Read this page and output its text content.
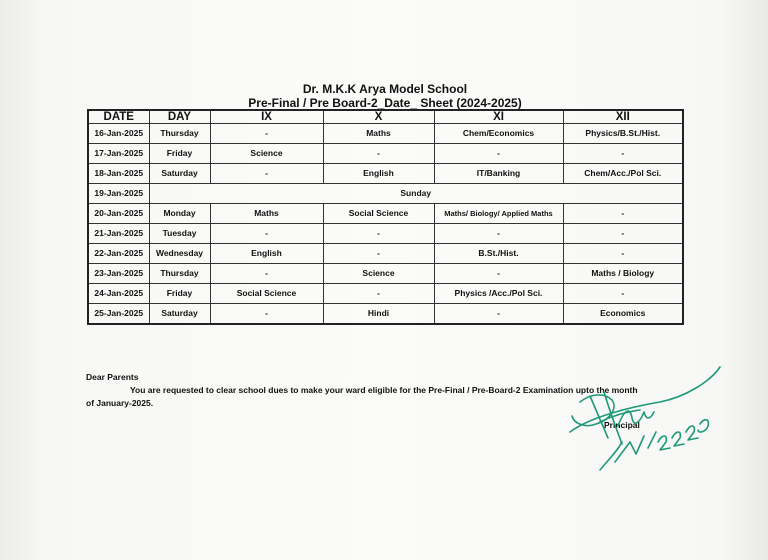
Dr. M.K.K Arya Model School
Pre-Final / Pre Board-2_Date_ Sheet (2024-2025)
DATE	DAY	IX	X	XI	XII
16-Jan-2025	Thursday	-	Maths	Chem/Economics	Physics/B.St./Hist.
17-Jan-2025	Friday	Science	-	-	-
18-Jan-2025	Saturday	-	English	IT/Banking	Chem/Acc./Pol Sci.
19-Jan-2025	Sunday				
20-Jan-2025	Monday	Maths	Social Science	Maths/ Biology/ Applied Maths	-
21-Jan-2025	Tuesday	-	-	-	-
22-Jan-2025	Wednesday	English	-	B.St./Hist.	-
23-Jan-2025	Thursday	-	Science	-	Maths / Biology
24-Jan-2025	Friday	Social Science	-	Physics /Acc./Pol Sci.	-
25-Jan-2025	Saturday	-	Hindi	-	Economics
Dear Parents
You are requested to clear school dues to make your ward eligible for the Pre-Final / Pre-Board-2 Examination upto the month
of January-2025.
Principal
